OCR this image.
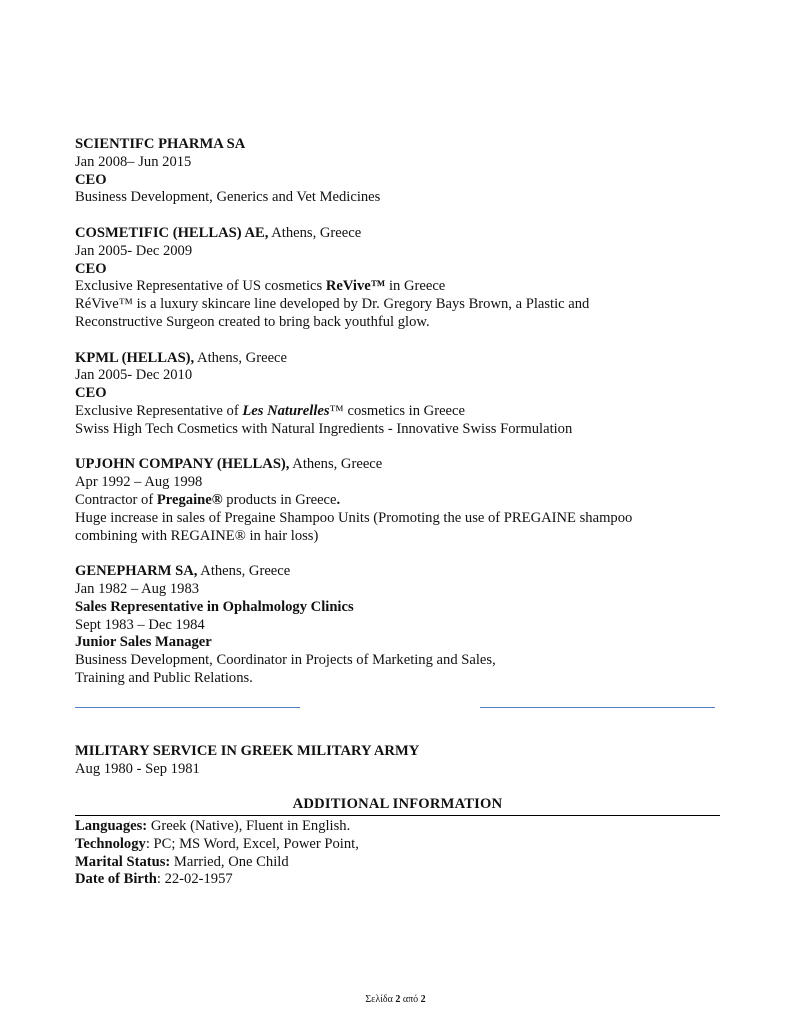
SCIENTIFC PHARMA SA
Jan 2008– Jun 2015
CEO
Business Development, Generics and Vet Medicines
COSMETIFIC (HELLAS) AE, Athens, Greece
Jan 2005- Dec 2009
CEO
Exclusive Representative of US cosmetics ReVive™ in Greece
RéVive™ is a luxury skincare line developed by Dr. Gregory Bays Brown, a Plastic and
Reconstructive Surgeon created to bring back youthful glow.
KPML (HELLAS), Athens, Greece
Jan 2005- Dec 2010
CEO
Exclusive Representative of Les Naturelles™ cosmetics in Greece
Swiss High Tech Cosmetics with Natural Ingredients - Innovative Swiss Formulation
UPJOHN COMPANY (HELLAS), Athens, Greece
Apr 1992 – Aug 1998
Contractor of Pregaine® products in Greece.
Huge increase in sales of Pregaine Shampoo Units (Promoting the use of PREGAINE shampoo
combining with REGAINE® in hair loss)
GENEPHARM SA, Athens, Greece
Jan 1982 – Aug 1983
Sales Representative in Ophalmology Clinics
Sept 1983 – Dec 1984
Junior Sales Manager
Business Development, Coordinator in Projects of Marketing and Sales,
Training and Public Relations.
MILITARY SERVICE IN GREEK MILITARY ARMY
Aug 1980 - Sep 1981
ADDITIONAL INFORMATION
Languages: Greek (Native), Fluent in English.
Technology: PC; MS Word, Excel, Power Point,
Marital Status: Married, One Child
Date of Birth: 22-02-1957
Σελίδα 2 από 2
